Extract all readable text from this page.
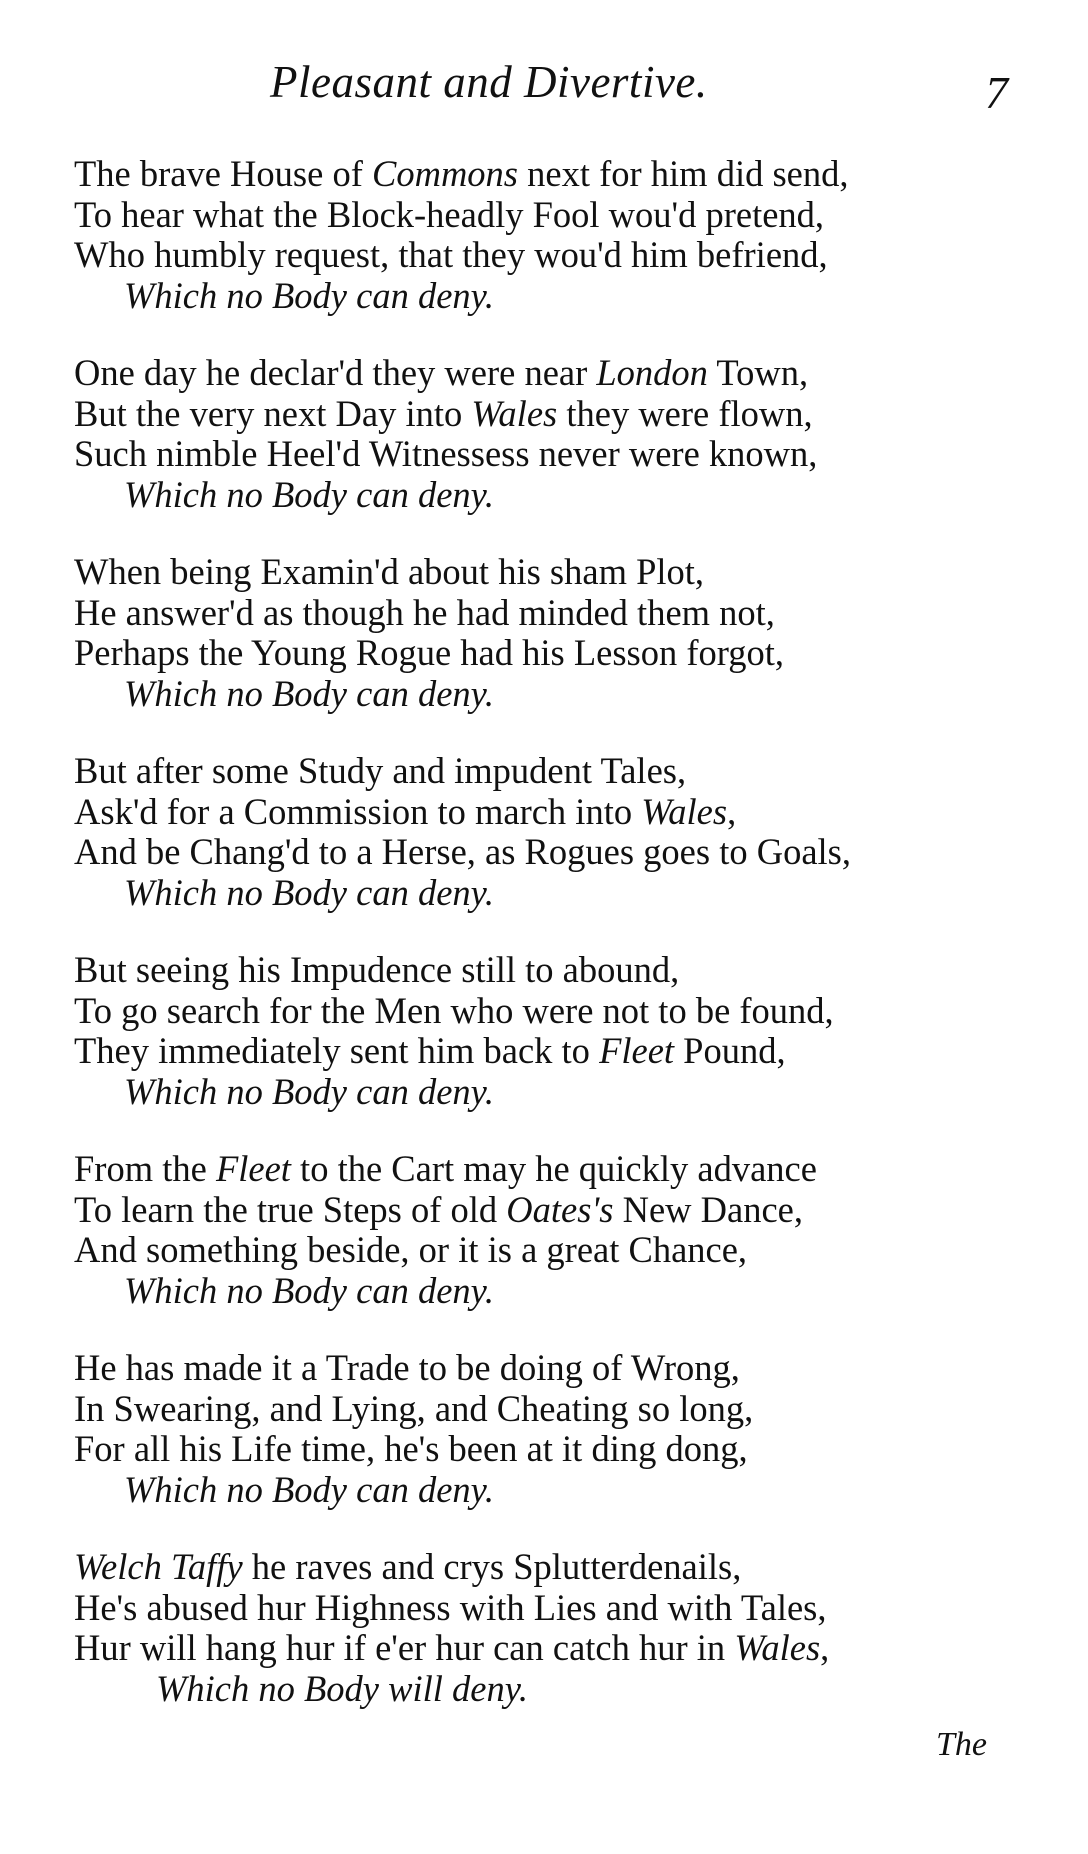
Pleasant and Divertive.	7
The brave House of Commons next for him did send,
To hear what the Block-headly Fool wou'd pretend,
Who humbly request, that they wou'd him befriend,
Which no Body can deny.
One day he declar'd they were near London Town,
But the very next Day into Wales they were flown,
Such nimble Heel'd Witnessess never were known,
Which no Body can deny.
When being Examin'd about his sham Plot,
He answer'd as though he had minded them not,
Perhaps the Young Rogue had his Lesson forgot,
Which no Body can deny.
But after some Study and impudent Tales,
Ask'd for a Commission to march into Wales,
And be Chang'd to a Herse, as Rogues goes to Goals,
Which no Body can deny.
But seeing his Impudence still to abound,
To go search for the Men who were not to be found,
They immediately sent him back to Fleet Pound,
Which no Body can deny.
From the Fleet to the Cart may he quickly advance
To learn the true Steps of old Oates's New Dance,
And something beside, or it is a great Chance,
Which no Body can deny.
He has made it a Trade to be doing of Wrong,
In Swearing, and Lying, and Cheating so long,
For all his Life time, he's been at it ding dong,
Which no Body can deny.
Welch Taffy he raves and crys Splutterdenails,
He's abused hur Highness with Lies and with Tales,
Hur will hang hur if e'er hur can catch hur in Wales,
Which no Body will deny.
The
